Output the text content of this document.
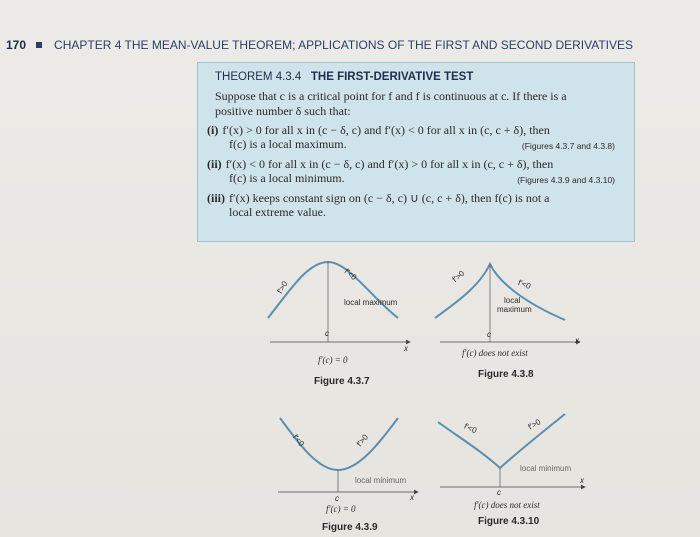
170 CHAPTER 4 THE MEAN-VALUE THEOREM; APPLICATIONS OF THE FIRST AND SECOND DERIVATIVES
THEOREM 4.3.4 THE FIRST-DERIVATIVE TEST
Suppose that c is a critical point for f and f is continuous at c. If there is a
positive number δ such that:
(i) f′(x) > 0 for all x in (c − δ, c) and f′(x) < 0 for all x in (c, c + δ), then
f(c) is a local maximum.	(Figures 4.3.7 and 4.3.8)
(ii) f′(x) < 0 for all x in (c − δ, c) and f′(x) > 0 for all x in (c, c + δ), then
f(c) is a local minimum.	(Figures 4.3.9 and 4.3.10)
(iii) f′(x) keeps constant sign on (c − δ, c) ∪ (c, c + δ), then f(c) is not a
local extreme value.
f′>0
f′<0
local maximum
c
x
f′(c) = 0
Figure 4.3.7
f′>0
f′<0
local
maximum
c
x
f′(c) does not exist
Figure 4.3.8
f′<0	f′>0
local minimum
c	x
f′(c) = 0
Figure 4.3.9
f′<0	f′>0
local minimum
c
x
f′(c) does not exist
Figure 4.3.10
